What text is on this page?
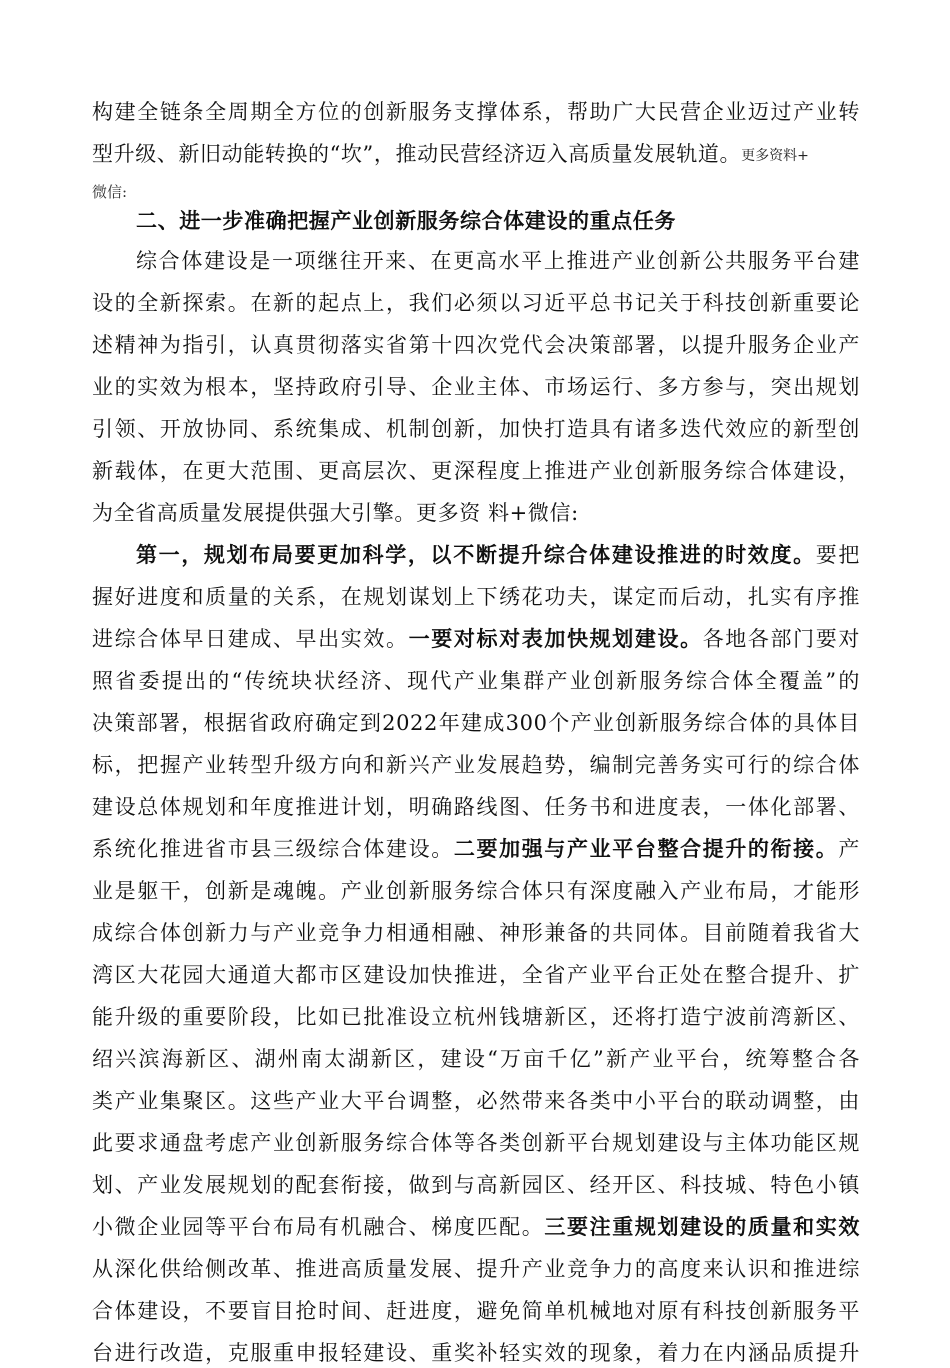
构建全链条全周期全方位的创新服务支撑体系，帮助广大民营企业迈过产业转
型升级、新旧动能转换的“坎”，推动民营经济迈入高质量发展轨道。更多资料+
微信:
二、进一步准确把握产业创新服务综合体建设的重点任务
综合体建设是一项继往开来、在更高水平上推进产业创新公共服务平台建
设的全新探索。在新的起点上，我们必须以习近平总书记关于科技创新重要论
述精神为指引，认真贯彻落实省第十四次党代会决策部署，以提升服务企业产
业的实效为根本，坚持政府引导、企业主体、市场运行、多方参与，突出规划
引领、开放协同、系统集成、机制创新，加快打造具有诸多迭代效应的新型创
新载体，在更大范围、更高层次、更深程度上推进产业创新服务综合体建设，
为全省高质量发展提供强大引擎。更多资 料+微信:
第一，规划布局要更加科学，以不断提升综合体建设推进的时效度。要把
握好进度和质量的关系，在规划谋划上下绣花功夫，谋定而后动，扎实有序推
进综合体早日建成、早出实效。一要对标对表加快规划建设。各地各部门要对
照省委提出的“传统块状经济、现代产业集群产业创新服务综合体全覆盖”的
决策部署，根据省政府确定到2022年建成300个产业创新服务综合体的具体目
标，把握产业转型升级方向和新兴产业发展趋势，编制完善务实可行的综合体
建设总体规划和年度推进计划，明确路线图、任务书和进度表，一体化部署、
系统化推进省市县三级综合体建设。二要加强与产业平台整合提升的衔接。产
业是躯干，创新是魂魄。产业创新服务综合体只有深度融入产业布局，才能形
成综合体创新力与产业竞争力相通相融、神形兼备的共同体。目前随着我省大
湾区大花园大通道大都市区建设加快推进，全省产业平台正处在整合提升、扩
能升级的重要阶段，比如已批准设立杭州钱塘新区，还将打造宁波前湾新区、
绍兴滨海新区、湖州南太湖新区，建设“万亩千亿”新产业平台，统筹整合各
类产业集聚区。这些产业大平台调整，必然带来各类中小平台的联动调整，由
此要求通盘考虑产业创新服务综合体等各类创新平台规划建设与主体功能区规
划、产业发展规划的配套衔接，做到与高新园区、经开区、科技城、特色小镇
小微企业园等平台布局有机融合、梯度匹配。三要注重规划建设的质量和实效
从深化供给侧改革、推进高质量发展、提升产业竞争力的高度来认识和推进综
合体建设，不要盲目抢时间、赶进度，避免简单机械地对原有科技创新服务平
台进行改造，克服重申报轻建设、重奖补轻实效的现象，着力在内涵品质提升
